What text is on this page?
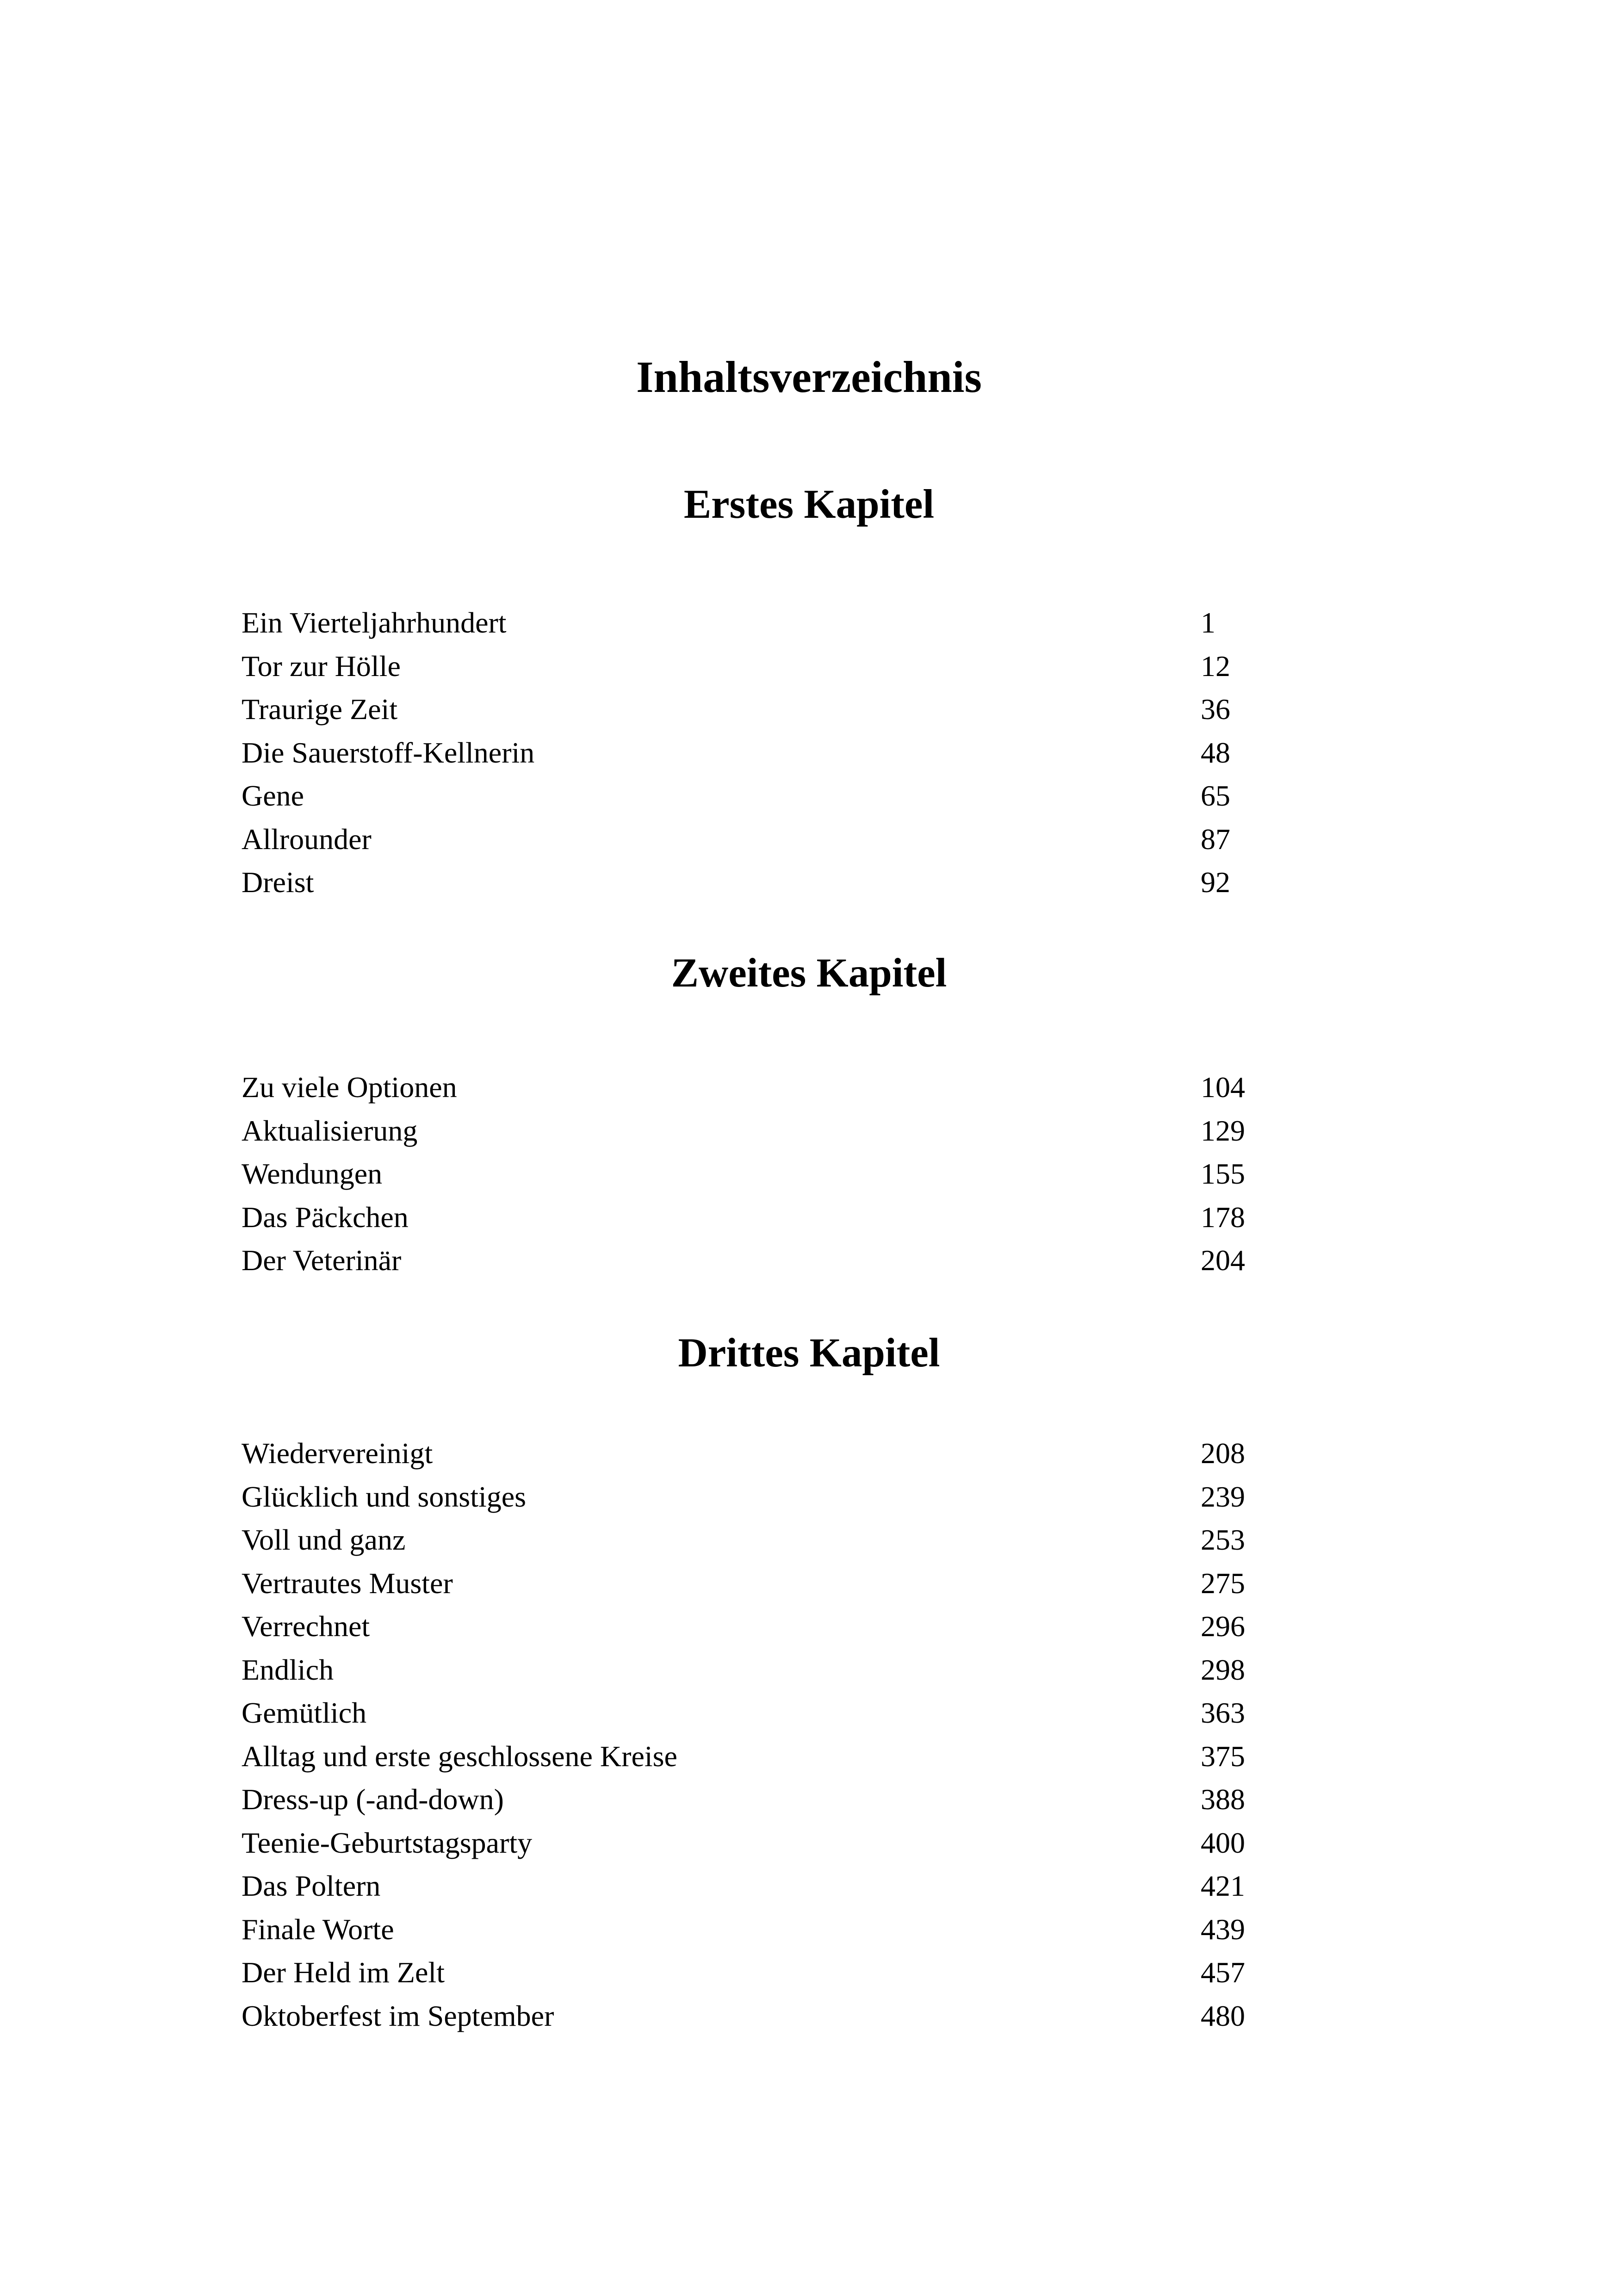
Inhaltsverzeichnis
Erstes Kapitel
Ein Vierteljahrhundert	1
Tor zur Hölle	12
Traurige Zeit	36
Die Sauerstoff-Kellnerin	48
Gene	65
Allrounder	87
Dreist	92
Zweites Kapitel
Zu viele Optionen	104
Aktualisierung	129
Wendungen	155
Das Päckchen	178
Der Veterinär	204
Drittes Kapitel
Wiedervereinigt	208
Glücklich und sonstiges	239
Voll und ganz	253
Vertrautes Muster	275
Verrechnet	296
Endlich	298
Gemütlich	363
Alltag und erste geschlossene Kreise	375
Dress-up (-and-down)	388
Teenie-Geburtstagsparty	400
Das Poltern	421
Finale Worte	439
Der Held im Zelt	457
Oktoberfest im September	480
